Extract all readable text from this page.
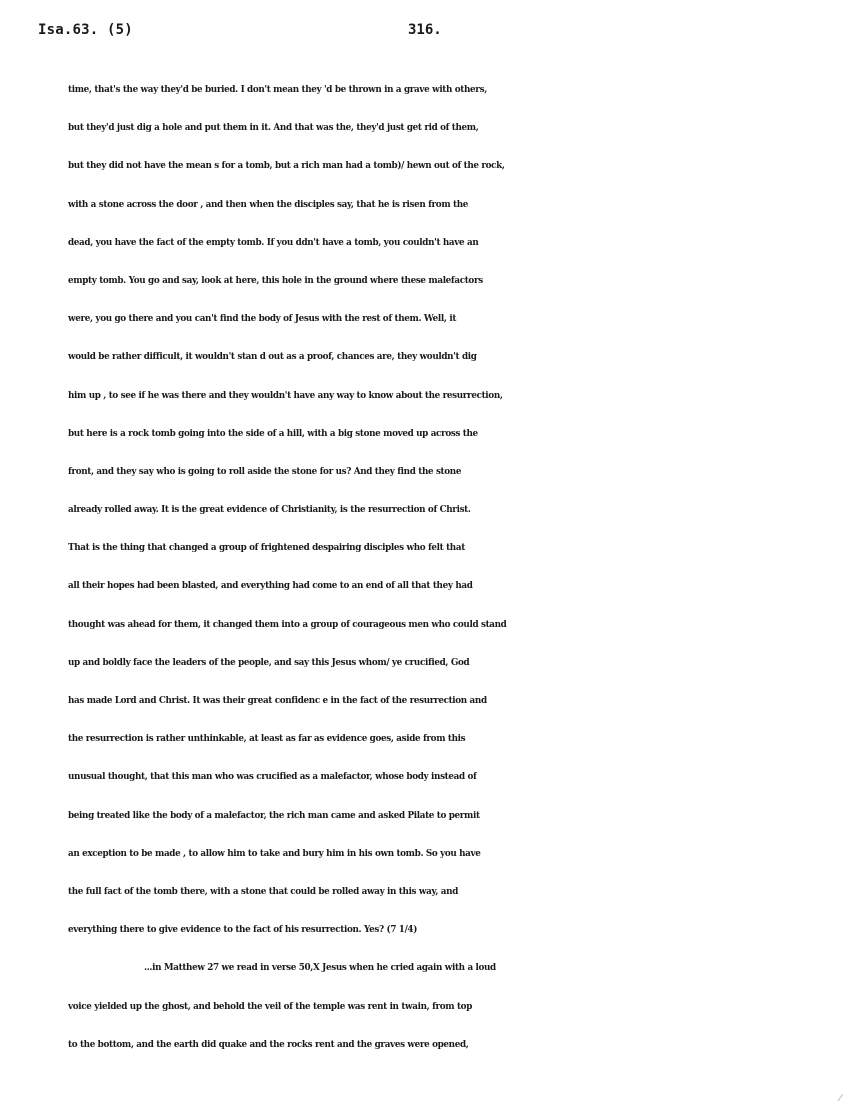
Isa.63. (5)	316.
time, that's the way they'd be buried. I don't mean they 'd be thrown in a grave with others,
but they'd just dig a hole and put them in it. And that was the, they'd just get rid of them,
but they did not have the mean s for a tomb, but a rich man had a tomb)/ hewn out of the rock,
with a stone across the door , and then when the disciples say, that he is risen from the
dead, you have the fact of the empty tomb. If you ddn't have a tomb, you couldn't have an
empty tomb. You go and say, look at here, this hole in the ground where these malefactors
were, you go there and you can't find the body of Jesus with the rest of them. Well, it
would be rather difficult, it wouldn't stan d out as a proof, chances are, they wouldn't dig
him up , to see if he was there and they wouldn't have any way to know about the resurrection,
but here is a rock tomb going into the side of a hill, with a big stone moved up across the
front, and they say who is going to roll aside the stone for us? And they find the stone
already rolled away. It is the great evidence of Christianity, is the resurrection of Christ.
That is the thing that changed a group of frightened despairing disciples who felt that
all their hopes had been blasted, and everything had come to an end of all that they had
thought was ahead for them, it changed them into a group of courageous men who could stand
up and boldly face the leaders of the people, and say this Jesus whom/ ye crucified, God
has made Lord and Christ. It was their great confidenc e in the fact of the resurrection and
the resurrection is rather unthinkable, at least as far as evidence goes, aside from this
unusual thought, that this man who was crucified as a malefactor, whose body instead of
being treated like the body of a malefactor, the rich man came and asked Pilate to permit
an exception to be made , to allow him to take and bury him in his own tomb. So you have
the full fact of the tomb there, with a stone that could be rolled away in this way, and
everything there to give evidence to the fact of his resurrection. Yes? (7 1/4)
...in Matthew 27 we read in verse 50,X Jesus when he cried again with a loud
voice yielded up the ghost, and behold the veil of the temple was rent in twain, from top
to the bottom, and the earth did quake and the rocks rent and the graves were opened,
